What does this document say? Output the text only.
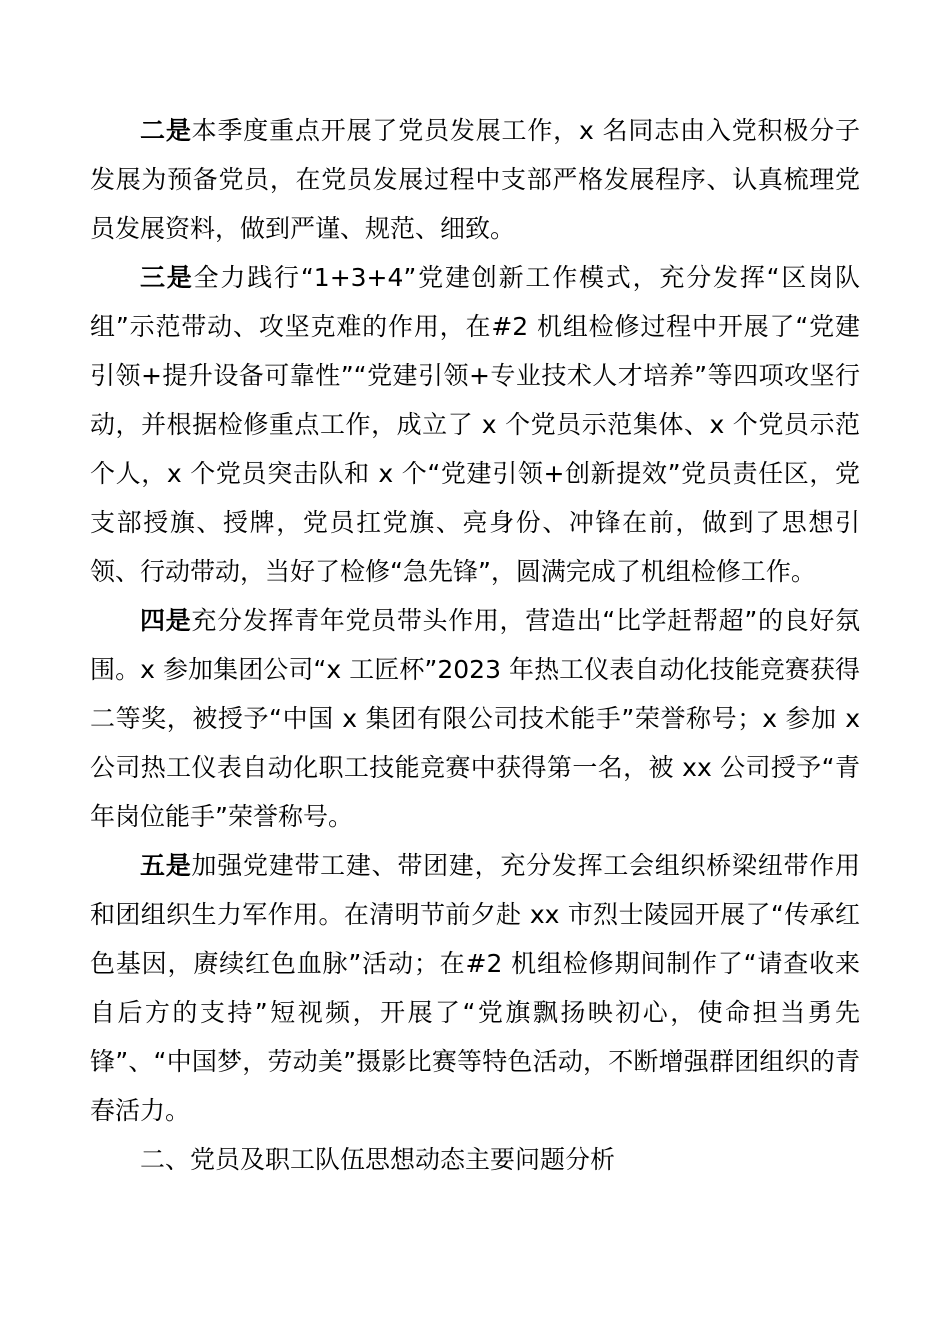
二是本季度重点开展了党员发展工作，x 名同志由入党积极分子发展为预备党员，在党员发展过程中支部严格发展程序、认真梳理党员发展资料，做到严谨、规范、细致。

三是全力践行“1+3+4”党建创新工作模式，充分发挥“区岗队组”示范带动、攻坚克难的作用，在#2 机组检修过程中开展了“党建引领+提升设备可靠性”“党建引领+专业技术人才培养”等四项攻坚行动，并根据检修重点工作，成立了 x 个党员示范集体、x 个党员示范个人，x 个党员突击队和 x 个“党建引领+创新提效”党员责任区，党支部授旗、授牌，党员扛党旗、亮身份、冲锋在前，做到了思想引领、行动带动，当好了检修“急先锋”，圆满完成了机组检修工作。

四是充分发挥青年党员带头作用，营造出“比学赶帮超”的良好氛围。x 参加集团公司“x 工匠杯”2023 年热工仪表自动化技能竞赛获得二等奖，被授予“中国 x 集团有限公司技术能手”荣誉称号；x 参加 x 公司热工仪表自动化职工技能竞赛中获得第一名，被 xx 公司授予“青年岗位能手”荣誉称号。

五是加强党建带工建、带团建，充分发挥工会组织桥梁纽带作用和团组织生力军作用。在清明节前夕赴 xx 市烈士陵园开展了“传承红色基因，赓续红色血脉”活动；在#2 机组检修期间制作了“请查收来自后方的支持”短视频，开展了“党旗飘扬映初心，使命担当勇先锋”、“中国梦，劳动美”摄影比赛等特色活动，不断增强群团组织的青春活力。

二、党员及职工队伍思想动态主要问题分析
